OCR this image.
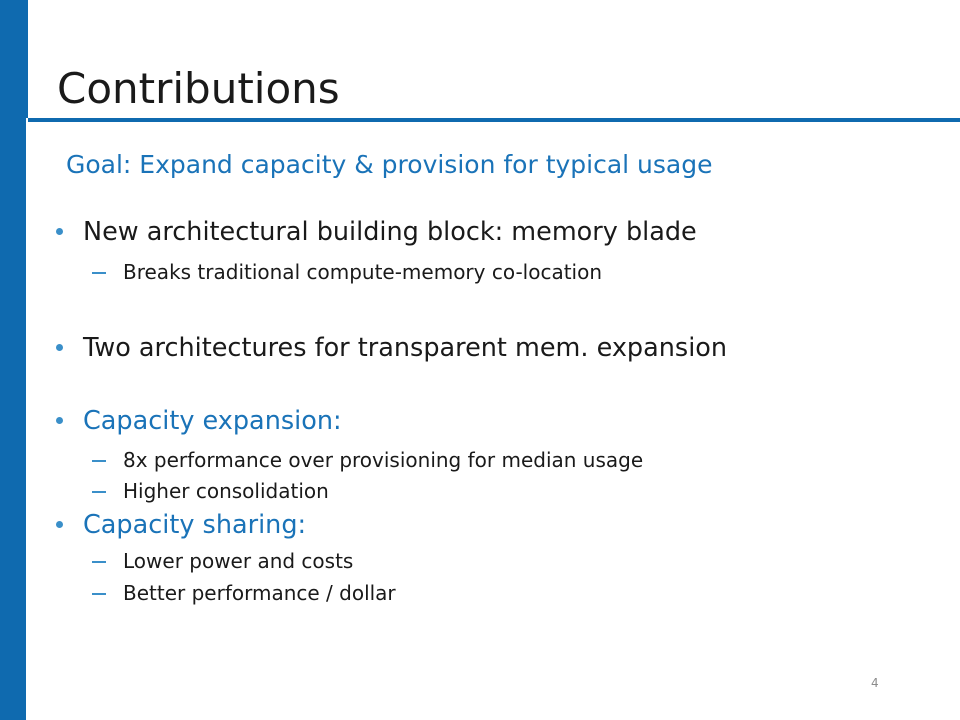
Contributions
Goal: Expand capacity & provision for typical usage
New architectural building block: memory blade
Breaks traditional compute-memory co-location
Two architectures for transparent mem. expansion
Capacity expansion:
8x performance over provisioning for median usage
Higher consolidation
Capacity sharing:
Lower power and costs
Better performance / dollar
4
